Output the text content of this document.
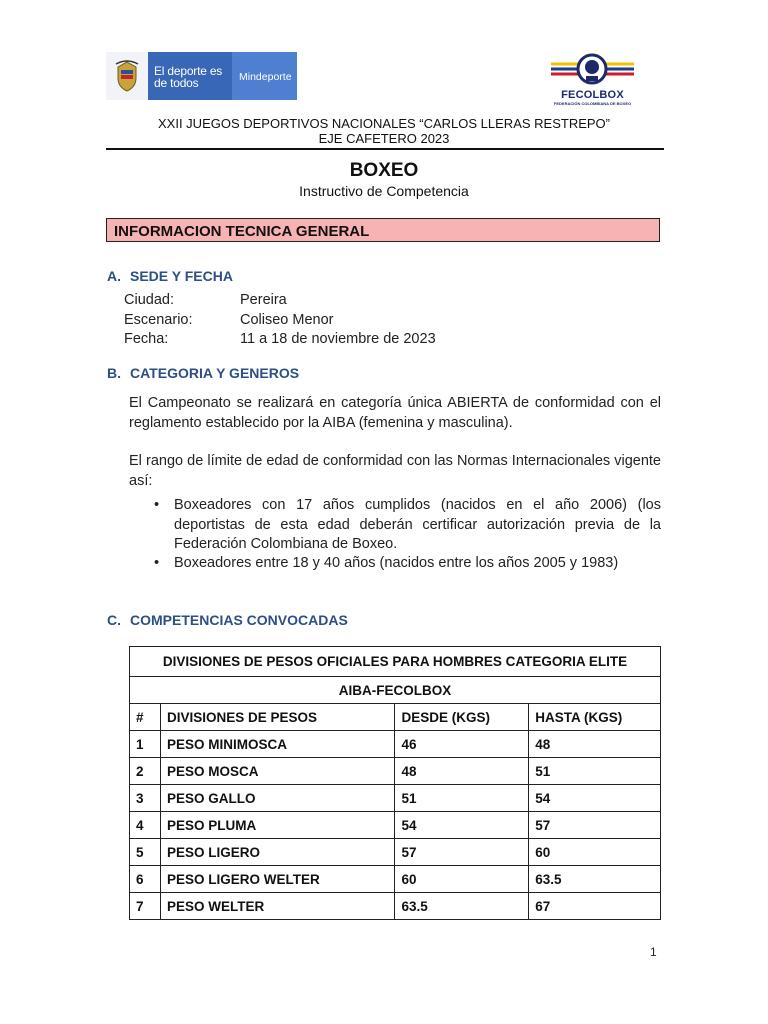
El deporte es de todos	Mindeporte
FECOLBOX
FEDERACIÓN COLOMBIANA DE BOXEO
XXII JUEGOS DEPORTIVOS NACIONALES “CARLOS LLERAS RESTREPO”
EJE CAFETERO 2023
BOXEO
Instructivo de Competencia
INFORMACION TECNICA GENERAL
A. SEDE Y FECHA
Ciudad:	Pereira
Escenario:	Coliseo Menor
Fecha:	11 a 18 de noviembre de 2023
B. CATEGORIA Y GENEROS
El Campeonato se realizará en categoría única ABIERTA de conformidad con el reglamento establecido por la AIBA (femenina y masculina).
El rango de límite de edad de conformidad con las Normas Internacionales vigente así:
• Boxeadores con 17 años cumplidos (nacidos en el año 2006) (los deportistas de esta edad deberán certificar autorización previa de la Federación Colombiana de Boxeo.
• Boxeadores entre 18 y 40 años (nacidos entre los años 2005 y 1983)
C. COMPETENCIAS CONVOCADAS
DIVISIONES DE PESOS OFICIALES PARA HOMBRES CATEGORIA ELITE			
AIBA-FECOLBOX			
#	DIVISIONES DE PESOS	DESDE (KGS)	HASTA (KGS)
1	PESO MINIMOSCA	46	48
2	PESO MOSCA	48	51
3	PESO GALLO	51	54
4	PESO PLUMA	54	57
5	PESO LIGERO	57	60
6	PESO LIGERO WELTER	60	63.5
7	PESO WELTER	63.5	67
1
